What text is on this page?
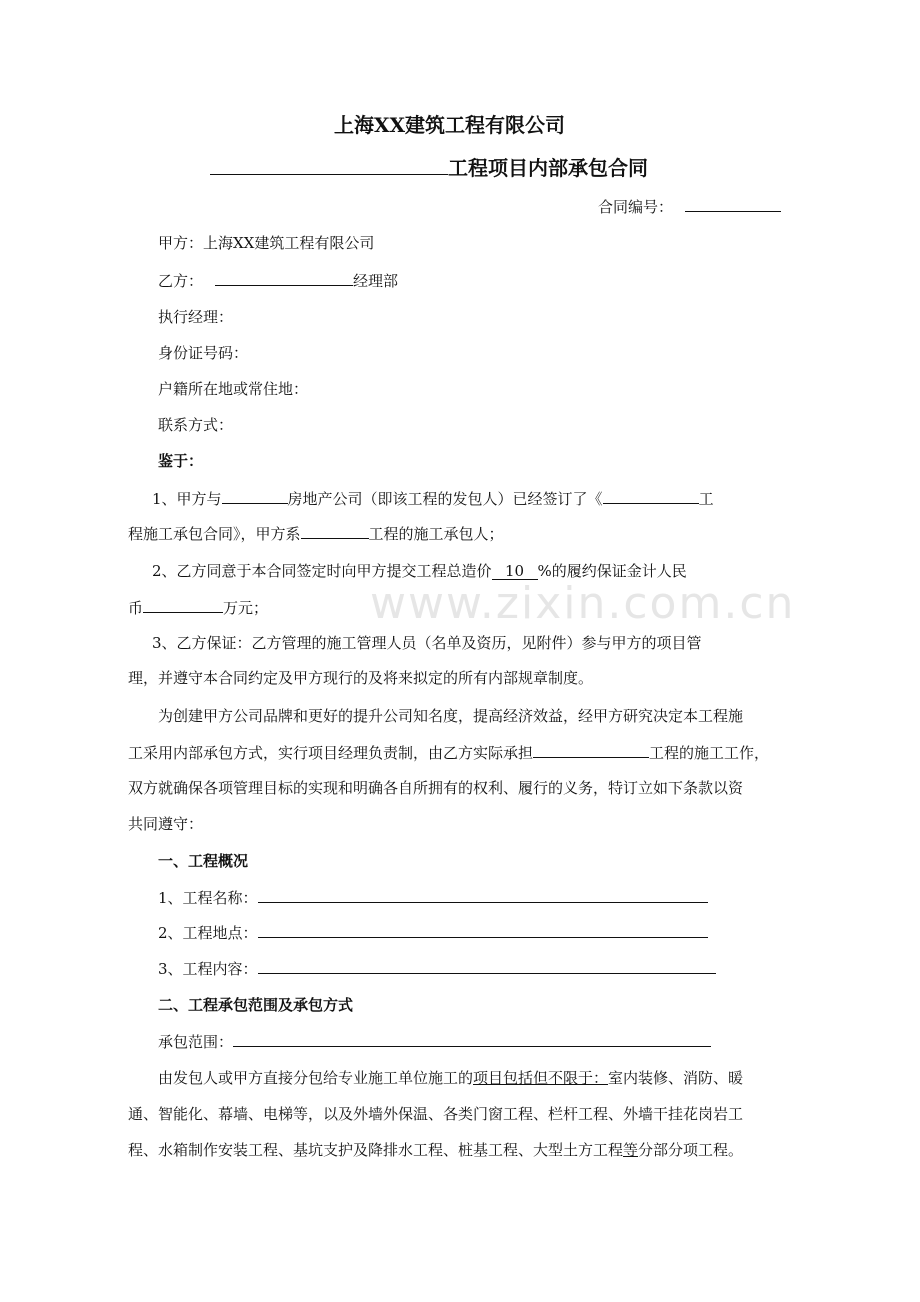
www.zixin.com.cn
上海XX建筑工程有限公司
工程项目内部承包合同
合同编号：
甲方：上海XX建筑工程有限公司
乙方：	经理部
执行经理：
身份证号码：
户籍所在地或常住地：
联系方式：
鉴于：
1、甲方与	房地产公司（即该工程的发包人）已经签订了《	工
程施工承包合同》，甲方系	工程的施工承包人；
2、乙方同意于本合同签定时向甲方提交工程总造价 10 %的履约保证金计人民
币	万元；
3、乙方保证：乙方管理的施工管理人员（名单及资历，见附件）参与甲方的项目管
理，并遵守本合同约定及甲方现行的及将来拟定的所有内部规章制度。
为创建甲方公司品牌和更好的提升公司知名度，提高经济效益，经甲方研究决定本工程施
工采用内部承包方式，实行项目经理负责制，由乙方实际承担	工程的施工工作，
双方就确保各项管理目标的实现和明确各自所拥有的权利、履行的义务，特订立如下条款以资
共同遵守：
一、工程概况
1、工程名称：
2、工程地点：
3、工程内容：
二、工程承包范围及承包方式
承包范围：
由发包人或甲方直接分包给专业施工单位施工的项目包括但不限于：室内装修、消防、暖
通、智能化、幕墙、电梯等，以及外墙外保温、各类门窗工程、栏杆工程、外墙干挂花岗岩工
程、水箱制作安装工程、基坑支护及降排水工程、桩基工程、大型土方工程等分部分项工程。
